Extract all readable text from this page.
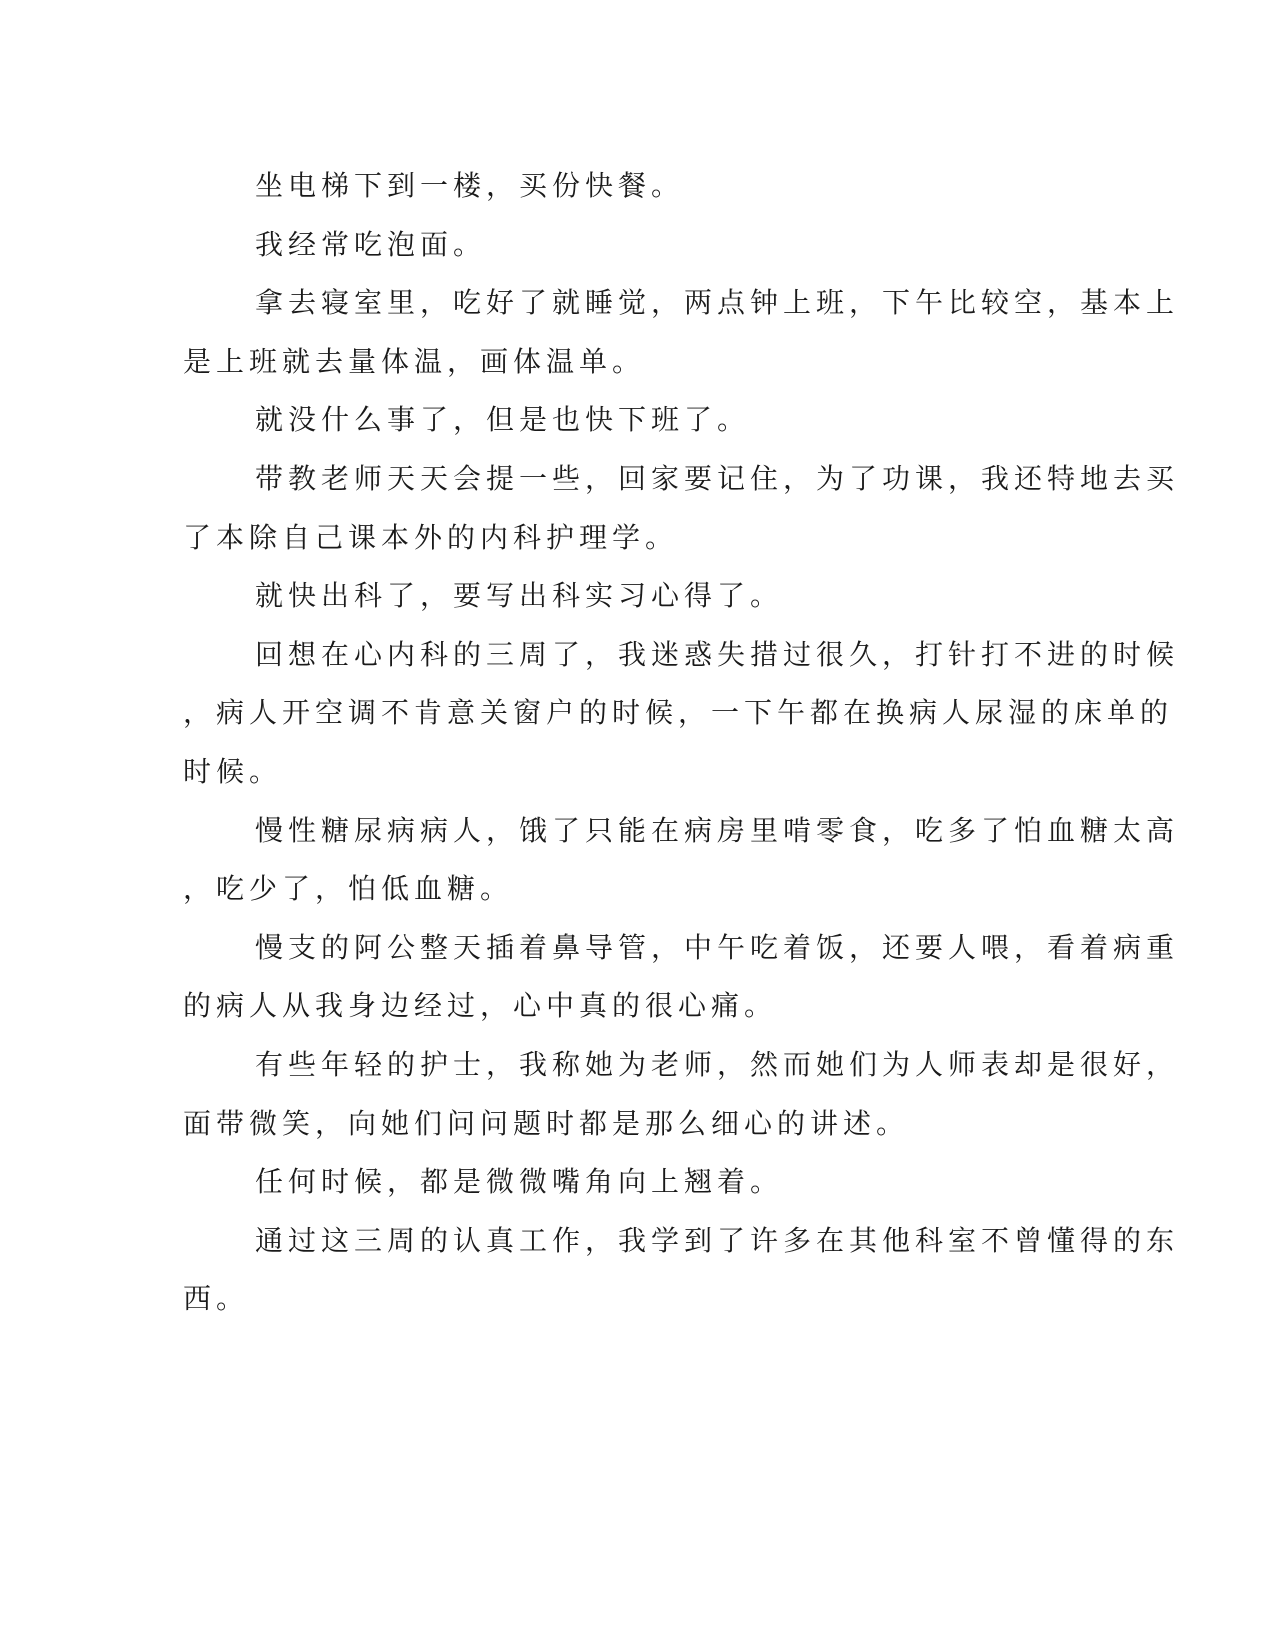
坐电梯下到一楼，买份快餐。

我经常吃泡面。

拿去寝室里，吃好了就睡觉，两点钟上班，下午比较空，基本上
是上班就去量体温，画体温单。

就没什么事了，但是也快下班了。

带教老师天天会提一些，回家要记住，为了功课，我还特地去买
了本除自己课本外的内科护理学。

就快出科了，要写出科实习心得了。

回想在心内科的三周了，我迷惑失措过很久，打针打不进的时候
，病人开空调不肯意关窗户的时候，一下午都在换病人尿湿的床单的
时候。

慢性糖尿病病人，饿了只能在病房里啃零食，吃多了怕血糖太高
，吃少了，怕低血糖。

慢支的阿公整天插着鼻导管，中午吃着饭，还要人喂，看着病重
的病人从我身边经过，心中真的很心痛。

有些年轻的护士，我称她为老师，然而她们为人师表却是很好，
面带微笑，向她们问问题时都是那么细心的讲述。

任何时候，都是微微嘴角向上翘着。

通过这三周的认真工作，我学到了许多在其他科室不曾懂得的东
西。
